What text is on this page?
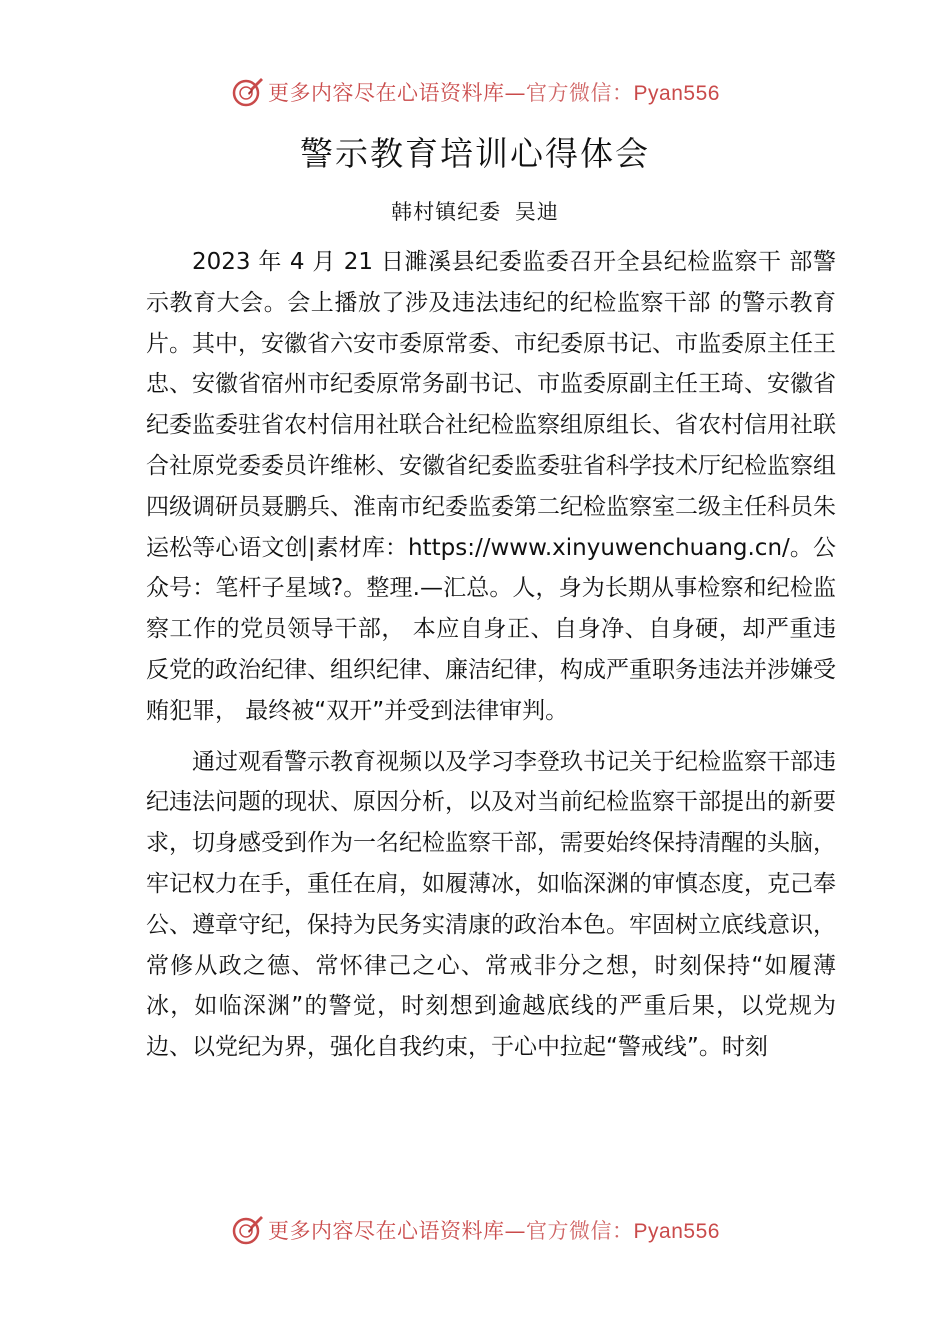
更多内容尽在心语资料库—官方微信：Pyan556
警示教育培训心得体会
韩村镇纪委 吴迪

2023 年 4 月 21 日濉溪县纪委监委召开全县纪检监察干 部警示教育大会。会上播放了涉及违法违纪的纪检监察干部 的警示教育片。其中，安徽省六安市委原常委、市纪委原书记、市监委原主任王忠、安徽省宿州市纪委原常务副书记、市监委原副主任王琦、安徽省纪委监委驻省农村信用社联合社纪检监察组原组长、省农村信用社联合社原党委委员许维彬、安徽省纪委监委驻省科学技术厅纪检监察组四级调研员聂鹏兵、淮南市纪委监委第二纪检监察室二级主任科员朱运松等心语文创|素材库：https://www.xinyuwenchuang.cn/。公众号：笔杆子星域?。整理.—汇总。人，身为长期从事检察和纪检监察工作的党员领导干部， 本应自身正、自身净、自身硬，却严重违反党的政治纪律、组织纪律、廉洁纪律，构成严重职务违法并涉嫌受贿犯罪， 最终被“双开”并受到法律审判。

通过观看警示教育视频以及学习李登玖书记关于纪检监察干部违纪违法问题的现状、原因分析，以及对当前纪检监察干部提出的新要求，切身感受到作为一名纪检监察干部，需要始终保持清醒的头脑，牢记权力在手，重任在肩，如履薄冰，如临深渊的审慎态度，克己奉公、遵章守纪，保持为民务实清康的政治本色。牢固树立底线意识，常修从政之德、常怀律己之心、常戒非分之想，时刻保持“如履薄冰，如临深渊”的警觉，时刻想到逾越底线的严重后果，以党规为边、以党纪为界，强化自我约束，于心中拉起“警戒线”。时刻

更多内容尽在心语资料库—官方微信：Pyan556
